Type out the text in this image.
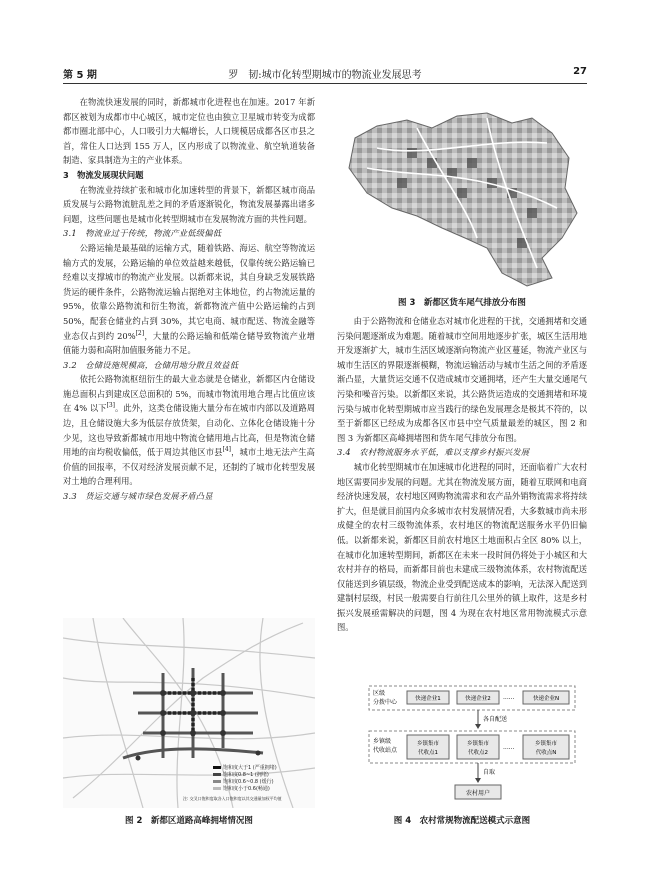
第 5 期	罗　韧:城市化转型期城市的物流业发展思考	27

在物流快速发展的同时，新都城市化进程也在加速。2017 年新都区被划为成都市中心城区，城市定位也由独立卫星城市转变为成都都市圈北部中心，人口吸引力大幅增长，人口规模居成都各区市县之首，常住人口达到 155 万人，区内形成了以物流业、航空轨道装备制造、家具制造为主的产业体系。

3　物流发展现状问题

在物流业持续扩张和城市化加速转型的背景下，新都区城市商品质发展与公路物流脏乱差之间的矛盾逐渐锐化，物流发展暴露出诸多问题，这些问题也是城市化转型期城市在发展物流方面的共性问题。

3.1　物流业过于传统，物流产业低级偏低

公路运输是最基础的运输方式，随着铁路、海运、航空等物流运输方式的发展，公路运输的单位效益越来越低，仅靠传统公路运输已经难以支撑城市的物流产业发展。以新都来说，其自身缺乏发展铁路货运的硬件条件，公路物流运输占据绝对主体地位，约占物流运量的 95%，依靠公路物流和衍生物流，新都物流产值中公路运输约占到 50%，配套仓储业约占到 30%，其它电商、城市配送、物流金融等业态仅占到约 20%[2]，大量的公路运输和低端仓储导致物流产业增值能力弱和高附加值服务能力不足。

3.2　仓储设施规模高，仓储用地分散且效益低

依托公路物流枢纽衍生的最大业态就是仓储业，新都区内仓储设施总面积占到建成区总面积的 5%，而城市物流用地合理占比值应该在 4% 以下[3]。此外，这类仓储设施大量分布在城市内部以及道路周边，且仓储设施大多为低层存放货架，自动化、立体化仓储设施十分少见，这也导致新都城市用地中物流仓储用地占比高，但是物流仓储用地的亩均税收偏低，低于周边其他区市县[4]，城市土地无法产生高价值的回报率，不仅对经济发展贡献不足，还制约了城市化转型发展对土地的合理利用。

3.3　货运交通与城市绿色发展矛盾凸显

饱和度大于1 (严重拥堵)
饱和度0.8~1 (拥堵)
饱和度0.6~0.8 (缓行)
饱和度小于0.6(畅通)
注: 交叉口饱和度取各入口饱和度以其交通量加权平均值
图 2　新都区道路高峰拥堵情况图
图 3　新都区货车尾气排放分布图

由于公路物流和仓储业态对城市化进程的干扰，交通拥堵和交通污染问题逐渐成为难题。随着城市空间用地逐步扩张，城区生活用地开发逐渐扩大，城市生活区域逐渐向物流产业区蔓延，物流产业区与城市生活区的界限逐渐模糊，物流运输活动与城市生活之间的矛盾逐渐凸显，大量货运交通不仅造成城市交通拥堵，还产生大量交通尾气污染和噪音污染。以新都区来说，其公路货运造成的交通拥堵和环境污染与城市化转型期城市应当践行的绿色发展理念是极其不符的，以至于新都区已经成为成都各区市县中空气质量最差的城区，图 2 和图 3 为新都区高峰拥堵图和货车尾气排放分布图。

3.4　农村物流服务水平低，难以支撑乡村振兴发展

城市化转型期城市在加速城市化进程的同时，还面临着广大农村地区需要同步发展的问题。尤其在物流发展方面，随着互联网和电商经济快速发展，农村地区网购物流需求和农产品外销物流需求将持续扩大，但是就目前国内众多城市农村发展情况看，大多数城市尚未形成健全的农村三级物流体系，农村地区的物流配送服务水平仍旧偏低。以新都来说，新都区目前农村地区土地面积占全区 80% 以上，在城市化加速转型期间，新都区在未来一段时间仍将处于小城区和大农村并存的格局，而新都目前也未建成三级物流体系，农村物流配送仅能送到乡镇层级，物流企业受到配送成本的影响，无法深入配送到建制村层级，村民一般需要自行前往几公里外的镇上取件，这是乡村振兴发展亟需解决的问题，图 4 为现在农村地区常用物流模式示意图。

区级
分拨中心
......
快递企业1	快递企业2	快递企业N
各自配送
乡镇级
代收站点	......
乡镇集市
代收点1
乡镇集市
代收点2
乡镇集市
代收点N
自取
农村用户
图 4　农村常规物流配送模式示意图
